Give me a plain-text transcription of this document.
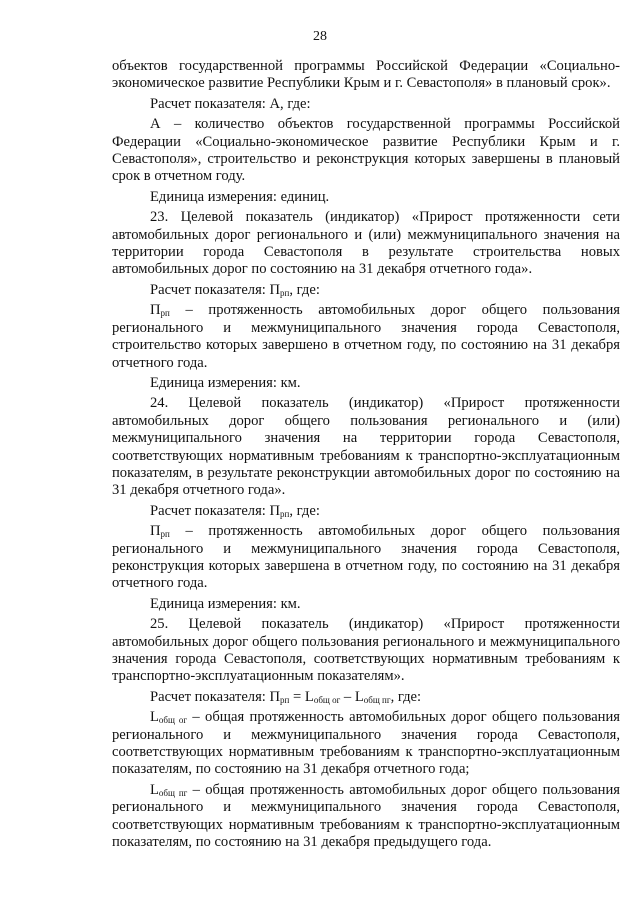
28

объектов государственной программы Российской Федерации «Социально-экономическое развитие Республики Крым и г. Севастополя» в плановый срок».

Расчет показателя: А, где:

А – количество объектов государственной программы Российской Федерации «Социально-экономическое развитие Республики Крым и г. Севастополя», строительство и реконструкция которых завершены в плановый срок в отчетном году.

Единица измерения: единиц.

23. Целевой показатель (индикатор) «Прирост протяженности сети автомобильных дорог регионального и (или) межмуниципального значения на территории города Севастополя в результате строительства новых автомобильных дорог по состоянию на 31 декабря отчетного года».

Расчет показателя: $П_{рп}$, где:

$П_{рп}$ – протяженность автомобильных дорог общего пользования регионального и межмуниципального значения города Севастополя, строительство которых завершено в отчетном году, по состоянию на 31 декабря отчетного года.

Единица измерения: км.

24. Целевой показатель (индикатор) «Прирост протяженности автомобильных дорог общего пользования регионального и (или) межмуниципального значения на территории города Севастополя, соответствующих нормативным требованиям к транспортно-эксплуатационным показателям, в результате реконструкции автомобильных дорог по состоянию на 31 декабря отчетного года».

Расчет показателя: $П_{рп}$, где:

$П_{рп}$ – протяженность автомобильных дорог общего пользования регионального и межмуниципального значения города Севастополя, реконструкция которых завершена в отчетном году, по состоянию на 31 декабря отчетного года.

Единица измерения: км.

25. Целевой показатель (индикатор) «Прирост протяженности автомобильных дорог общего пользования регионального и межмуниципального значения города Севастополя, соответствующих нормативным требованиям к транспортно-эксплуатационным показателям».

Расчет показателя: $П_{рп} = L_{общ ог} - L_{общ пг}$, где:

$L_{общ ог}$ – общая протяженность автомобильных дорог общего пользования регионального и межмуниципального значения города Севастополя, соответствующих нормативным требованиям к транспортно-эксплуатационным показателям, по состоянию на 31 декабря отчетного года;

$L_{общ пг}$ – общая протяженность автомобильных дорог общего пользования регионального и межмуниципального значения города Севастополя, соответствующих нормативным требованиям к транспортно-эксплуатационным показателям, по состоянию на 31 декабря предыдущего года.
